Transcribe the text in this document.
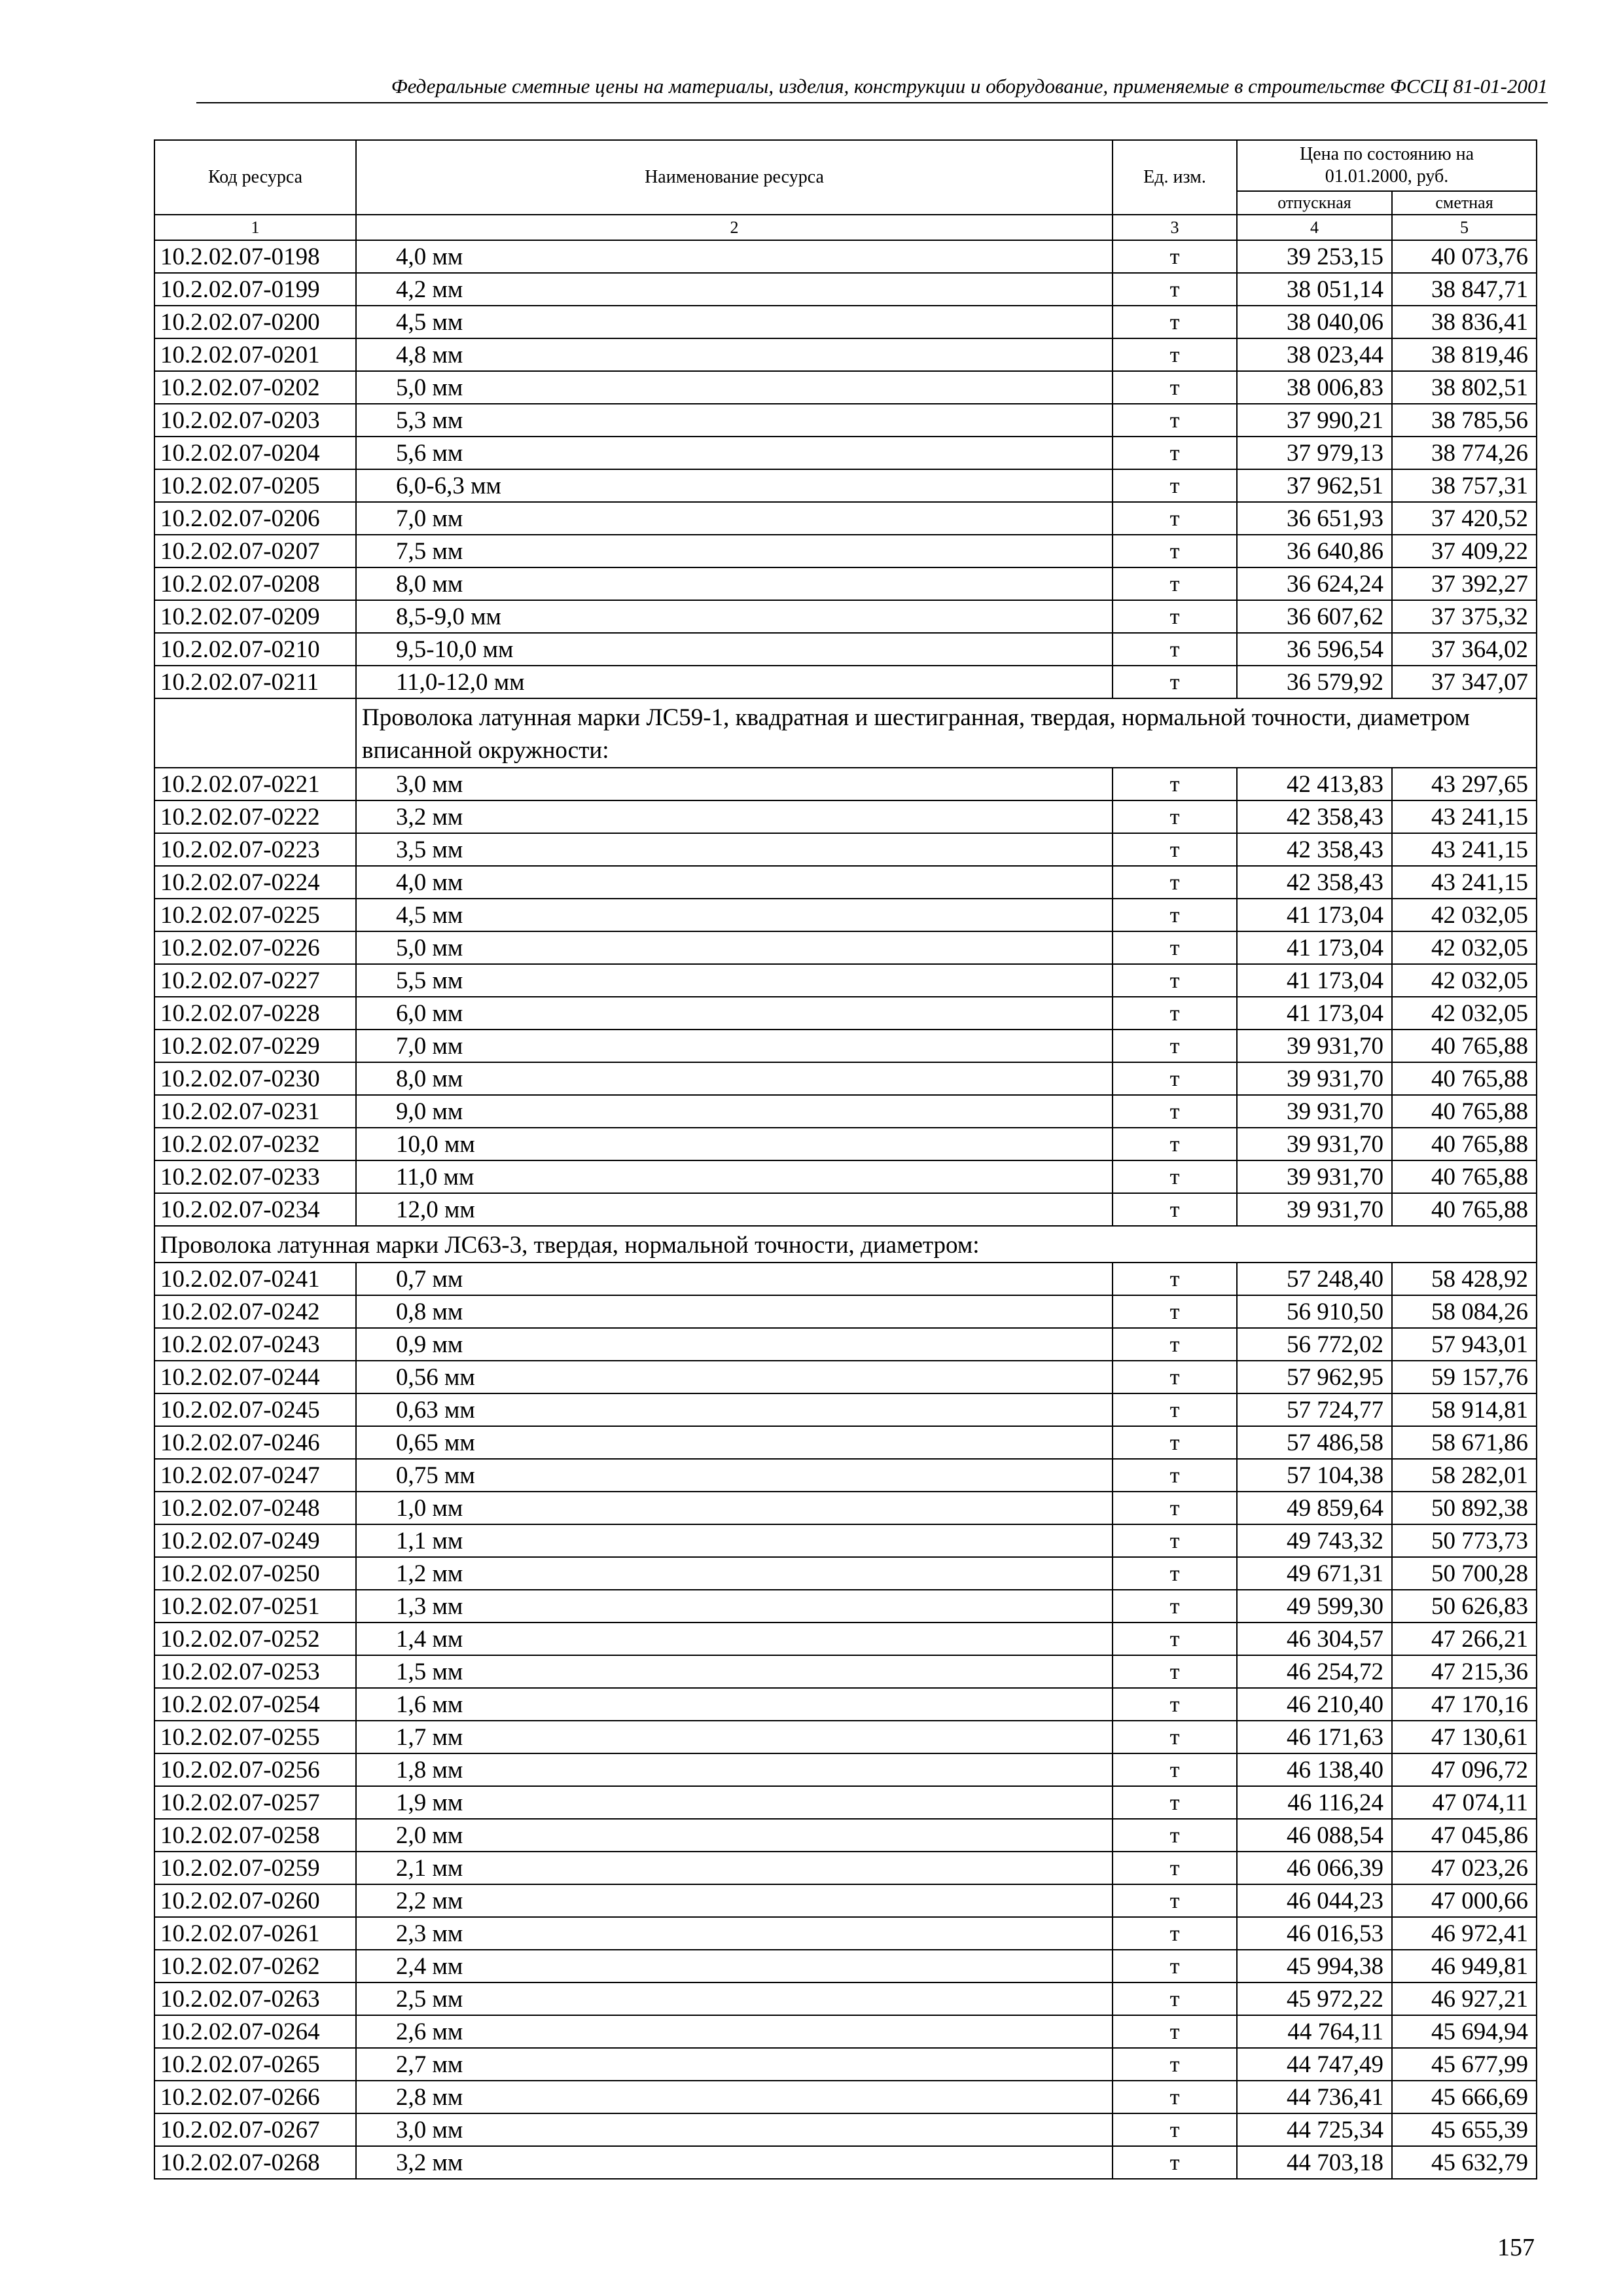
Федеральные сметные цены на материалы, изделия, конструкции и оборудование, применяемые в строительстве ФССЦ 81-01-2001
Код ресурса	Наименование ресурса	Ед. изм.	Цена по состоянию на 01.01.2000, руб.	
			отпускная	сметная
1	2	3	4	5
10.2.02.07-0198	4,0 мм	т	39 253,15	40 073,76
10.2.02.07-0199	4,2 мм	т	38 051,14	38 847,71
10.2.02.07-0200	4,5 мм	т	38 040,06	38 836,41
10.2.02.07-0201	4,8 мм	т	38 023,44	38 819,46
10.2.02.07-0202	5,0 мм	т	38 006,83	38 802,51
10.2.02.07-0203	5,3 мм	т	37 990,21	38 785,56
10.2.02.07-0204	5,6 мм	т	37 979,13	38 774,26
10.2.02.07-0205	6,0-6,3 мм	т	37 962,51	38 757,31
10.2.02.07-0206	7,0 мм	т	36 651,93	37 420,52
10.2.02.07-0207	7,5 мм	т	36 640,86	37 409,22
10.2.02.07-0208	8,0 мм	т	36 624,24	37 392,27
10.2.02.07-0209	8,5-9,0 мм	т	36 607,62	37 375,32
10.2.02.07-0210	9,5-10,0 мм	т	36 596,54	37 364,02
10.2.02.07-0211	11,0-12,0 мм	т	36 579,92	37 347,07
	Проволока латунная марки ЛС59-1, квадратная и шестигранная, твердая, нормальной точности, диаметром вписанной окружности:			
10.2.02.07-0221	3,0 мм	т	42 413,83	43 297,65
10.2.02.07-0222	3,2 мм	т	42 358,43	43 241,15
10.2.02.07-0223	3,5 мм	т	42 358,43	43 241,15
10.2.02.07-0224	4,0 мм	т	42 358,43	43 241,15
10.2.02.07-0225	4,5 мм	т	41 173,04	42 032,05
10.2.02.07-0226	5,0 мм	т	41 173,04	42 032,05
10.2.02.07-0227	5,5 мм	т	41 173,04	42 032,05
10.2.02.07-0228	6,0 мм	т	41 173,04	42 032,05
10.2.02.07-0229	7,0 мм	т	39 931,70	40 765,88
10.2.02.07-0230	8,0 мм	т	39 931,70	40 765,88
10.2.02.07-0231	9,0 мм	т	39 931,70	40 765,88
10.2.02.07-0232	10,0 мм	т	39 931,70	40 765,88
10.2.02.07-0233	11,0 мм	т	39 931,70	40 765,88
10.2.02.07-0234	12,0 мм	т	39 931,70	40 765,88
Проволока латунная марки ЛС63-3, твердая, нормальной точности, диаметром:				
10.2.02.07-0241	0,7 мм	т	57 248,40	58 428,92
10.2.02.07-0242	0,8 мм	т	56 910,50	58 084,26
10.2.02.07-0243	0,9 мм	т	56 772,02	57 943,01
10.2.02.07-0244	0,56 мм	т	57 962,95	59 157,76
10.2.02.07-0245	0,63 мм	т	57 724,77	58 914,81
10.2.02.07-0246	0,65 мм	т	57 486,58	58 671,86
10.2.02.07-0247	0,75 мм	т	57 104,38	58 282,01
10.2.02.07-0248	1,0 мм	т	49 859,64	50 892,38
10.2.02.07-0249	1,1 мм	т	49 743,32	50 773,73
10.2.02.07-0250	1,2 мм	т	49 671,31	50 700,28
10.2.02.07-0251	1,3 мм	т	49 599,30	50 626,83
10.2.02.07-0252	1,4 мм	т	46 304,57	47 266,21
10.2.02.07-0253	1,5 мм	т	46 254,72	47 215,36
10.2.02.07-0254	1,6 мм	т	46 210,40	47 170,16
10.2.02.07-0255	1,7 мм	т	46 171,63	47 130,61
10.2.02.07-0256	1,8 мм	т	46 138,40	47 096,72
10.2.02.07-0257	1,9 мм	т	46 116,24	47 074,11
10.2.02.07-0258	2,0 мм	т	46 088,54	47 045,86
10.2.02.07-0259	2,1 мм	т	46 066,39	47 023,26
10.2.02.07-0260	2,2 мм	т	46 044,23	47 000,66
10.2.02.07-0261	2,3 мм	т	46 016,53	46 972,41
10.2.02.07-0262	2,4 мм	т	45 994,38	46 949,81
10.2.02.07-0263	2,5 мм	т	45 972,22	46 927,21
10.2.02.07-0264	2,6 мм	т	44 764,11	45 694,94
10.2.02.07-0265	2,7 мм	т	44 747,49	45 677,99
10.2.02.07-0266	2,8 мм	т	44 736,41	45 666,69
10.2.02.07-0267	3,0 мм	т	44 725,34	45 655,39
10.2.02.07-0268	3,2 мм	т	44 703,18	45 632,79
157
